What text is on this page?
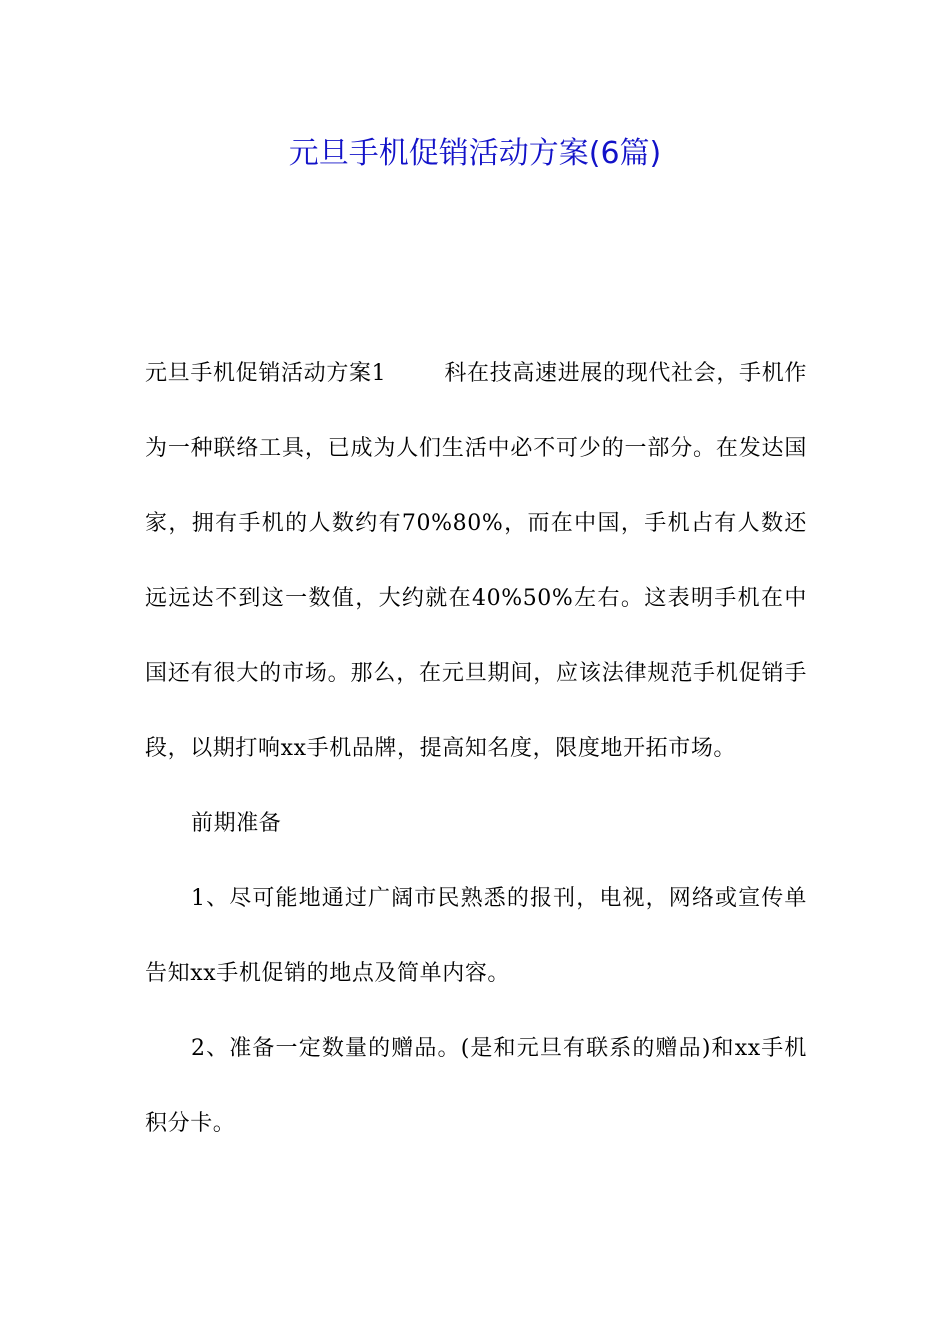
元旦手机促销活动方案(6篇)

元旦手机促销活动方案1	科在技高速进展的现代社会，手机作为一种联络工具，已成为人们生活中必不可少的一部分。在发达国家，拥有手机的人数约有70%80%，而在中国，手机占有人数还远远达不到这一数值，大约就在40%50%左右。这表明手机在中国还有很大的市场。那么，在元旦期间，应该法律规范手机促销手段，以期打响xx手机品牌，提高知名度，限度地开拓市场。

前期准备

1、尽可能地通过广阔市民熟悉的报刊，电视，网络或宣传单告知xx手机促销的地点及简单内容。

2、准备一定数量的赠品。(是和元旦有联系的赠品)和xx手机积分卡。
